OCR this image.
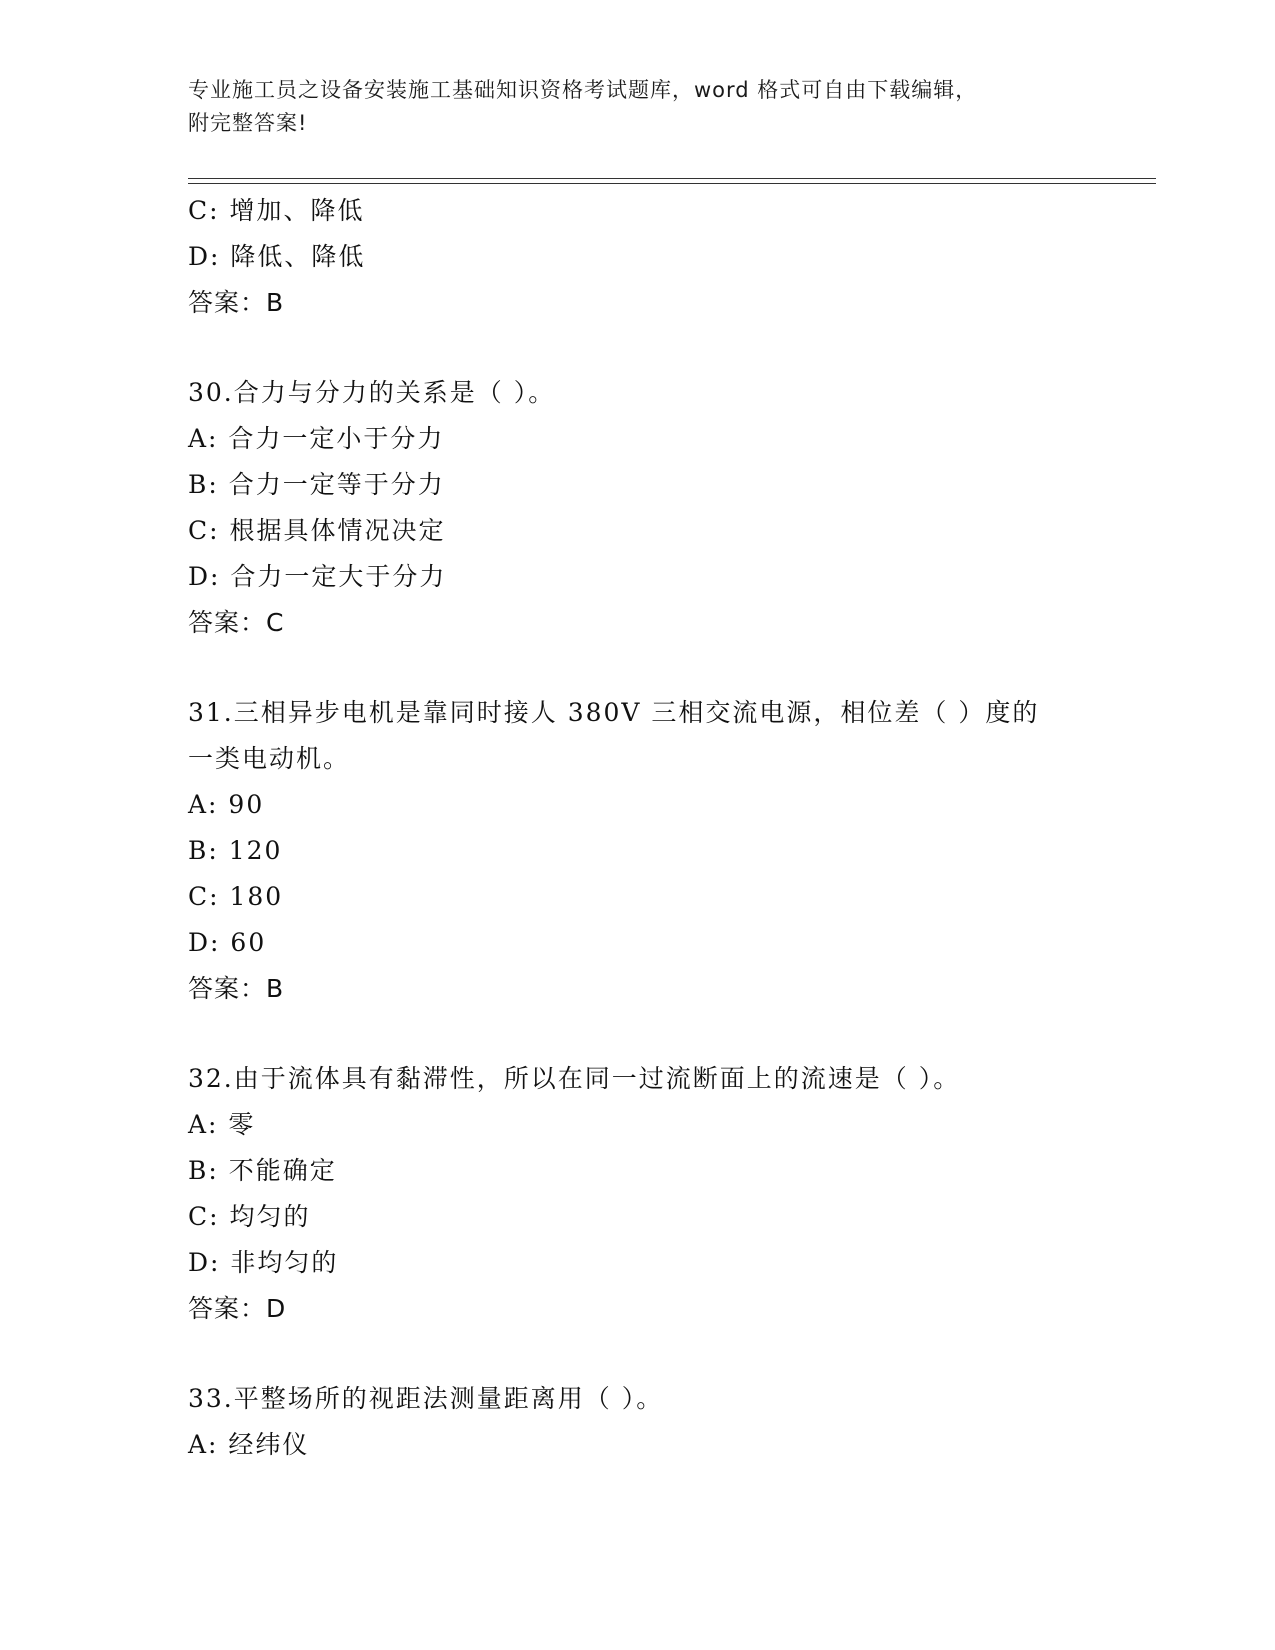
专业施工员之设备安装施工基础知识资格考试题库，word 格式可自由下载编辑，
附完整答案!
C: 增加、降低
D: 降低、降低
答案：B
30.合力与分力的关系是（ ）。
A: 合力一定小于分力
B: 合力一定等于分力
C: 根据具体情况决定
D: 合力一定大于分力
答案：C
31.三相异步电机是靠同时接人 380V 三相交流电源，相位差（ ）度的
一类电动机。
A: 90
B: 120
C: 180
D: 60
答案：B
32.由于流体具有黏滞性，所以在同一过流断面上的流速是（ ）。
A: 零
B: 不能确定
C: 均匀的
D: 非均匀的
答案：D
33.平整场所的视距法测量距离用（ ）。
A: 经纬仪
